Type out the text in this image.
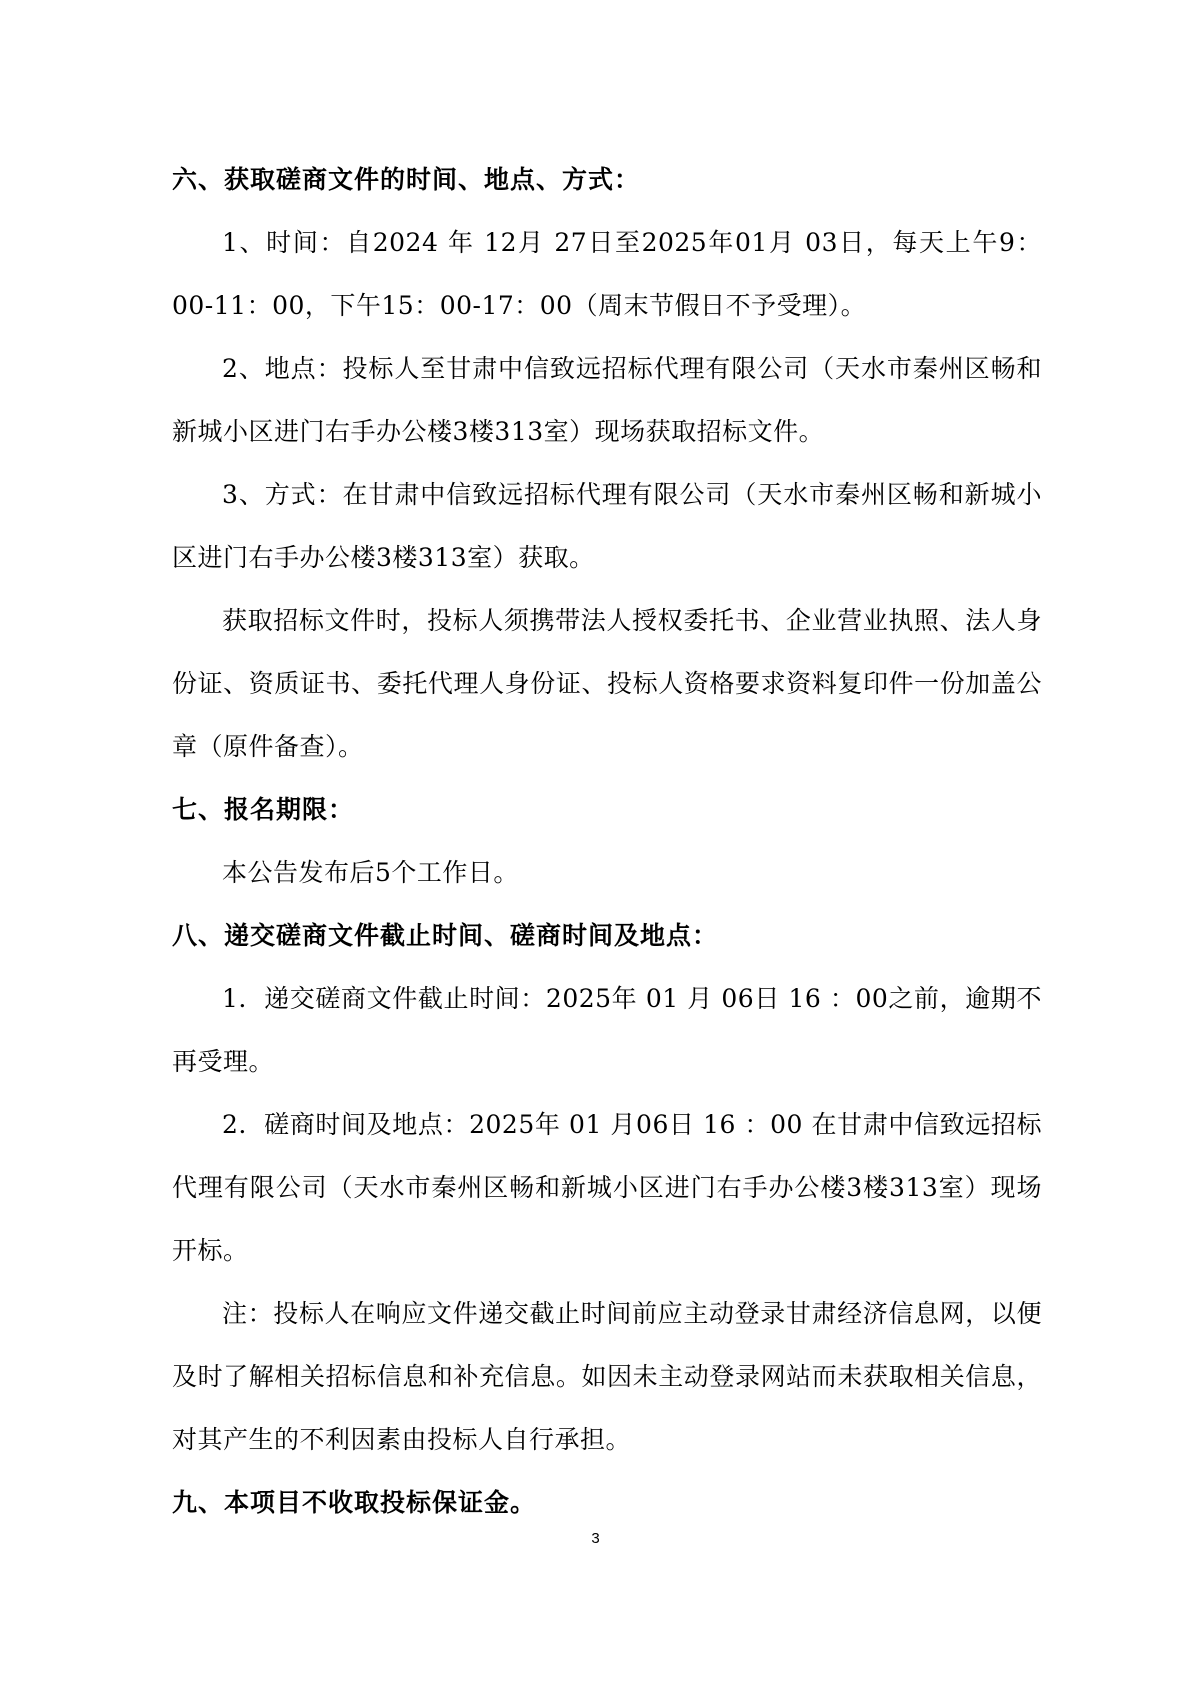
六、获取磋商文件的时间、地点、方式：

1、时间：自2024 年 12月 27日至2025年01月 03日，每天上午9：00-11：00，下午15：00-17：00（周末节假日不予受理）。

2、地点：投标人至甘肃中信致远招标代理有限公司（天水市秦州区畅和新城小区进门右手办公楼3楼313室）现场获取招标文件。

3、方式：在甘肃中信致远招标代理有限公司（天水市秦州区畅和新城小区进门右手办公楼3楼313室）获取。

获取招标文件时，投标人须携带法人授权委托书、企业营业执照、法人身份证、资质证书、委托代理人身份证、投标人资格要求资料复印件一份加盖公章（原件备查）。

七、报名期限：

本公告发布后5个工作日。

八、递交磋商文件截止时间、磋商时间及地点：

1．递交磋商文件截止时间：2025年 01 月 06日 16 ：00之前，逾期不再受理。

2．磋商时间及地点：2025年 01 月06日 16 ：00 在甘肃中信致远招标代理有限公司（天水市秦州区畅和新城小区进门右手办公楼3楼313室）现场开标。

注：投标人在响应文件递交截止时间前应主动登录甘肃经济信息网，以便及时了解相关招标信息和补充信息。如因未主动登录网站而未获取相关信息，对其产生的不利因素由投标人自行承担。

九、本项目不收取投标保证金。

3
